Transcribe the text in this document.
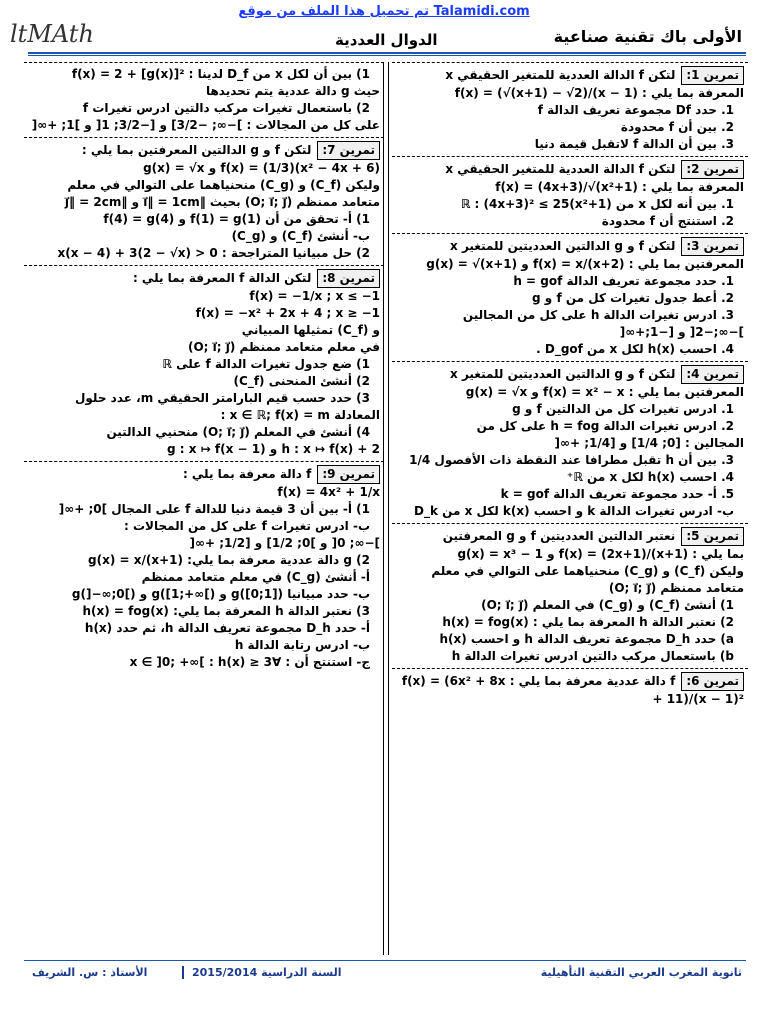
تم تحميل هذا الملف من موقع Talamidi.com
ltMAth	الدوال العددية	الأولى باك تقنية صناعية
تمرين 1:لتكن f الدالة العددية للمتغير الحقيقي x
المعرفة بما يلي : f(x) = (√(x+1) − √2)/(x − 1)
1. حدد Df مجموعة تعريف الدالة f
2. بين أن f محدودة
3. بين أن الدالة f لاتقبل قيمة دنيا
تمرين 2:لتكن f الدالة العددية للمتغير الحقيقي x
المعرفة بما يلي : f(x) = (4x+3)/√(x²+1)
1. بين أنه لكل x من ℝ : (4x+3)² ≤ 25(x²+1)
2. استنتج أن f محدودة
تمرين 3:لتكن f و g الدالتين العدديتين للمتغير x
المعرفتين بما يلي : f(x) = x/(x+2) و g(x) = √(x+1)
1. حدد مجموعة تعريف الدالة h = gof
2. أعط جدول تغيرات كل من f و g
3. ادرس تغيرات الدالة h على كل من المجالين
]−∞;−2[ و [−1;+∞[
4. احسب h(x) لكل x من D_gof .
تمرين 4:لتكن f و g الدالتين العدديتين للمتغير x
المعرفتين بما يلي : f(x) = x² − x و g(x) = √x
1. ادرس تغيرات كل من الدالتين f و g
2. ادرس تغيرات الدالة h = fog على كل من
المجالين : [0; 1/4] و [1/4; +∞[
3. بين أن h تقبل مطرافا عند النقطة ذات الأفصول 1/4
4. احسب h(x) لكل x من ℝ⁺
5. أ- حدد مجموعة تعريف الدالة k = gof
ب- ادرس تغيرات الدالة k و احسب k(x) لكل x من D_k
تمرين 5:نعتبر الدالتين العدديتين f و g المعرفتين
بما يلي : f(x) = (2x+1)/(x+1) و g(x) = x³ − 1
وليكن (C_f) و (C_g) منحنياهما على التوالي في معلم
متعامد ممنظم (O; i⃗; j⃗)
1) أنشئ (C_f) و (C_g) في المعلم (O; i⃗; j⃗)
2) نعتبر الدالة h المعرفة بما يلي : h(x) = fog(x)
a) حدد D_h مجموعة تعريف الدالة h و احسب h(x)
b) باستعمال مركب دالتين ادرس تغيرات الدالة h
تمرين 6:f دالة عددية معرفة بما يلي : f(x) = (6x² + 8x + 11)/(x − 1)²
1) بين أن لكل x من D_f لدينا : f(x) = 2 + [g(x)]²
حيث g دالة عددية يتم تحديدها
2) باستعمال تغيرات مركب دالتين ادرس تغيرات f
على كل من المجالات : ]−∞; −3/2] و [−3/2; 1[ و ]1; +∞[
تمرين 7:لتكن f و g الدالتين المعرفتين بما يلي :
f(x) = (1/3)(x² − 4x + 6) و g(x) = √x
وليكن (C_f) و (C_g) منحنياهما على التوالي في معلم
متعامد ممنظم (O; i⃗; j⃗) بحيث ‖i⃗‖ = 1cm و ‖j⃗‖ = 2cm
1) أ- تحقق من أن f(1) = g(1) و f(4) = g(4)
ب- أنشئ (C_f) و (C_g)
2) حل مبيانيا المتراجحة : 0 < x(x − 4) + 3(2 − √x)
تمرين 8:لتكن الدالة f المعرفة بما يلي :
f(x) = −1/x ; x ≤ −1
f(x) = −x² + 2x + 4 ; x ≥ −1
و (C_f) تمثيلها المبياني
في معلم متعامد ممنظم (O; i⃗; j⃗)
1) ضع جدول تغيرات الدالة f على ℝ
2) أنشئ المنحنى (C_f)
3) حدد حسب قيم البارامتر الحقيقي m، عدد حلول
المعادلة x ∈ ℝ; f(x) = m :
4) أنشئ في المعلم (O; i⃗; j⃗) منحنيي الدالتين
h : x ↦ f(x) + 2 و g : x ↦ f(x − 1)
تمرين 9:f دالة معرفة بما يلي :
f(x) = 4x² + 1/x
1) أ- بين أن 3 قيمة دنيا للدالة f على المجال ]0; +∞[
ب- ادرس تغيرات f على كل من المجالات :
]−∞; 0[ و ]0; 1/2] و [1/2; +∞[
2) g دالة عددية معرفة بما يلي: g(x) = x/(x+1)
أ- أنشئ (C_g) في معلم متعامد ممنظم
ب- حدد مبيانيا g([0;1]) و g([1;+∞[) و g(]−∞;0[)
3) نعتبر الدالة h المعرفة بما يلي: h(x) = fog(x)
أ- حدد D_h مجموعة تعريف الدالة h، ثم حدد h(x)
ب- ادرس رتابة الدالة h
ج- استنتج أن : ∀x ∈ ]0; +∞[ : h(x) ≥ 3
ثانوية المغرب العربي التقنية التأهيلية
السنة الدراسية 2015/2014
الأستاذ : س. الشريف
